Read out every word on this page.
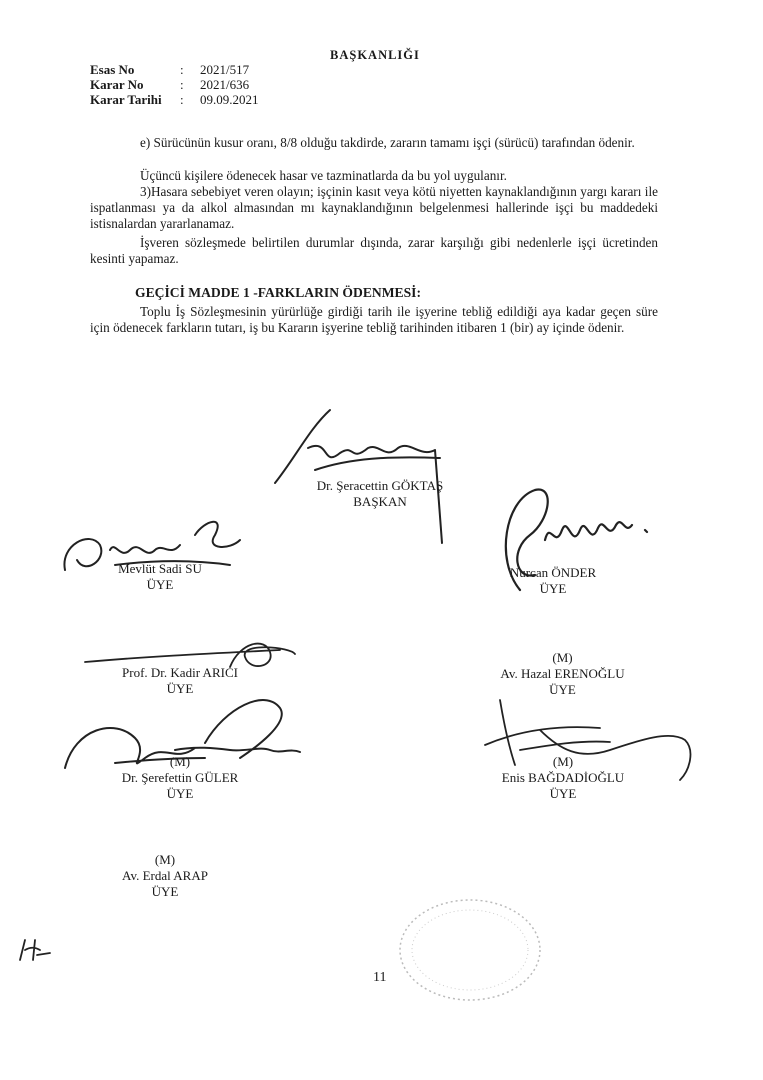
BAŞKANLIĞI
Esas No	: 2021/517
Karar No	: 2021/636
Karar Tarihi : 09.09.2021
e) Sürücünün kusur oranı, 8/8 olduğu takdirde, zararın tamamı işçi (sürücü) tarafından ödenir.
Üçüncü kişilere ödenecek hasar ve tazminatlarda da bu yol uygulanır.
3)Hasara sebebiyet veren olayın; işçinin kasıt veya kötü niyetten kaynaklandığının yargı kararı ile ispatlanması ya da alkol almasından mı kaynaklandığının belgelenmesi hallerinde işçi bu maddedeki istisnalardan yararlanamaz.
İşveren sözleşmede belirtilen durumlar dışında, zarar karşılığı gibi nedenlerle işçi ücretinden kesinti yapamaz.
GEÇİCİ MADDE 1 -FARKLARIN ÖDENMESİ:
Toplu İş Sözleşmesinin yürürlüğe girdiği tarih ile işyerine tebliğ edildiği aya kadar geçen süre için ödenecek farkların tutarı, iş bu Kararın işyerine tebliğ tarihinden itibaren 1 (bir) ay içinde ödenir.
Dr. Şeracettin GÖKTAŞ
BAŞKAN
Mevlüt Sadi SU
ÜYE
Nurcan ÖNDER
ÜYE
Prof. Dr. Kadir ARICI
ÜYE
(M)
Av. Hazal ERENOĞLU
ÜYE
(M)
Dr. Şerefettin GÜLER
ÜYE
(M)
Enis BAĞDADİOĞLU
ÜYE
(M)
Av. Erdal ARAP
ÜYE
11
